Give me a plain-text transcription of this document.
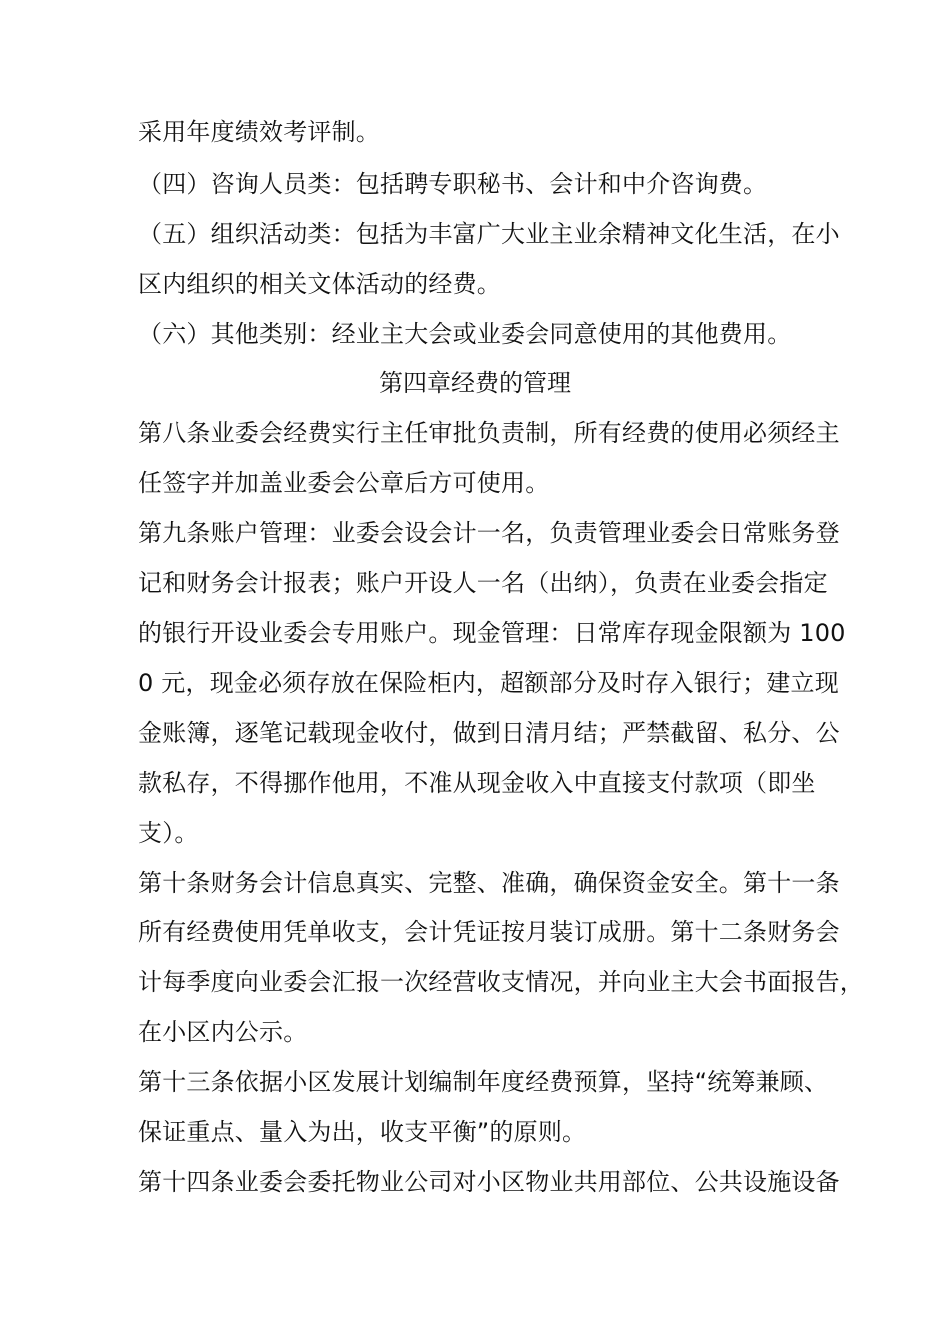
采用年度绩效考评制。
（四）咨询人员类：包括聘专职秘书、会计和中介咨询费。
（五）组织活动类：包括为丰富广大业主业余精神文化生活，在小
区内组织的相关文体活动的经费。
（六）其他类别：经业主大会或业委会同意使用的其他费用。
第四章经费的管理
第八条业委会经费实行主任审批负责制，所有经费的使用必须经主
任签字并加盖业委会公章后方可使用。
第九条账户管理：业委会设会计一名，负责管理业委会日常账务登
记和财务会计报表；账户开设人一名（出纳），负责在业委会指定
的银行开设业委会专用账户。现金管理：日常库存现金限额为 100
0 元，现金必须存放在保险柜内，超额部分及时存入银行；建立现
金账簿，逐笔记载现金收付，做到日清月结；严禁截留、私分、公
款私存，不得挪作他用，不准从现金收入中直接支付款项（即坐
支）。
第十条财务会计信息真实、完整、准确，确保资金安全。第十一条
所有经费使用凭单收支，会计凭证按月装订成册。第十二条财务会
计每季度向业委会汇报一次经营收支情况，并向业主大会书面报告，
在小区内公示。
第十三条依据小区发展计划编制年度经费预算，坚持“统筹兼顾、
保证重点、量入为出，收支平衡”的原则。
第十四条业委会委托物业公司对小区物业共用部位、公共设施设备
